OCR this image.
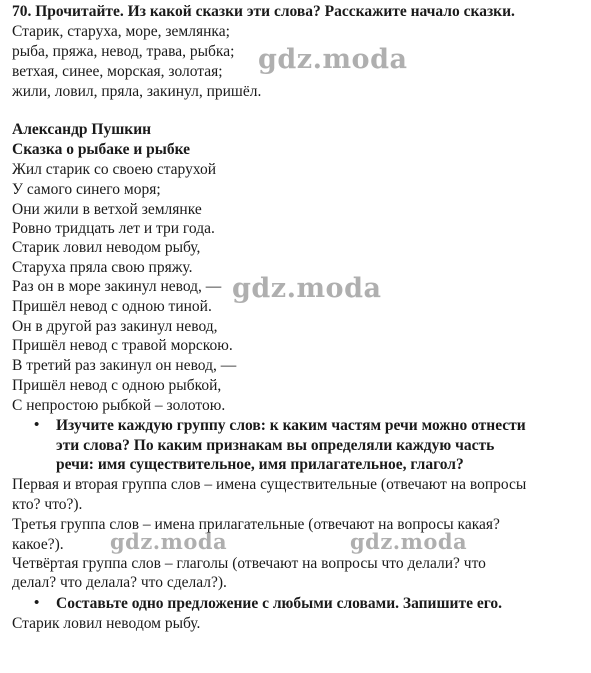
70. Прочитайте. Из какой сказки эти слова? Расскажите начало сказки.
Старик, старуха, море, землянка;
рыба, пряжа, невод, трава, рыбка;
ветхая, синее, морская, золотая;
жили, ловил, пряла, закинул, пришёл.
Александр Пушкин
Сказка о рыбаке и рыбке
Жил старик со своею старухой
У самого синего моря;
Они жили в ветхой землянке
Ровно тридцать лет и три года.
Старик ловил неводом рыбу,
Старуха пряла свою пряжу.
Раз он в море закинул невод, —
Пришёл невод с одною тиной.
Он в другой раз закинул невод,
Пришёл невод с травой морскою.
В третий раз закинул он невод, —
Пришёл невод с одною рыбкой,
С непростою рыбкой – золотою.
• Изучите каждую группу слов: к каким частям речи можно отнести
эти слова? По каким признакам вы определяли каждую часть
речи: имя существительное, имя прилагательное, глагол?
Первая и вторая группа слов – имена существительные (отвечают на вопросы
кто? что?).
Третья группа слов – имена прилагательные (отвечают на вопросы какая?
какое?).
Четвёртая группа слов – глаголы (отвечают на вопросы что делали? что
делал? что делала? что сделал?).
• Составьте одно предложение с любыми словами. Запишите его.
Старик ловил неводом рыбу.
gdz.moda
gdz.moda
gdz.moda	gdz.moda
